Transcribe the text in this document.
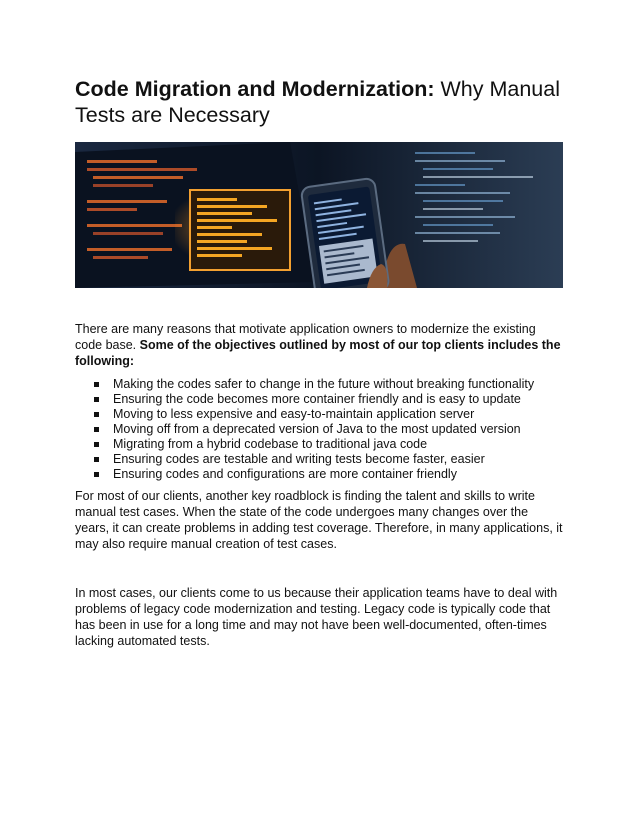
Code Migration and Modernization: Why Manual Tests are Necessary

There are many reasons that motivate application owners to modernize the existing code base. Some of the objectives outlined by most of our top clients includes the following:

Making the codes safer to change in the future without breaking functionality
Ensuring the code becomes more container friendly and is easy to update
Moving to less expensive and easy-to-maintain application server
Moving off from a deprecated version of Java to the most updated version
Migrating from a hybrid codebase to traditional java code
Ensuring codes are testable and writing tests become faster, easier
Ensuring codes and configurations are more container friendly

For most of our clients, another key roadblock is finding the talent and skills to write manual test cases. When the state of the code undergoes many changes over the years, it can create problems in adding test coverage. Therefore, in many applications, it may also require manual creation of test cases.

In most cases, our clients come to us because their application teams have to deal with problems of legacy code modernization and testing. Legacy code is typically code that has been in use for a long time and may not have been well-documented, often-times lacking automated tests.
